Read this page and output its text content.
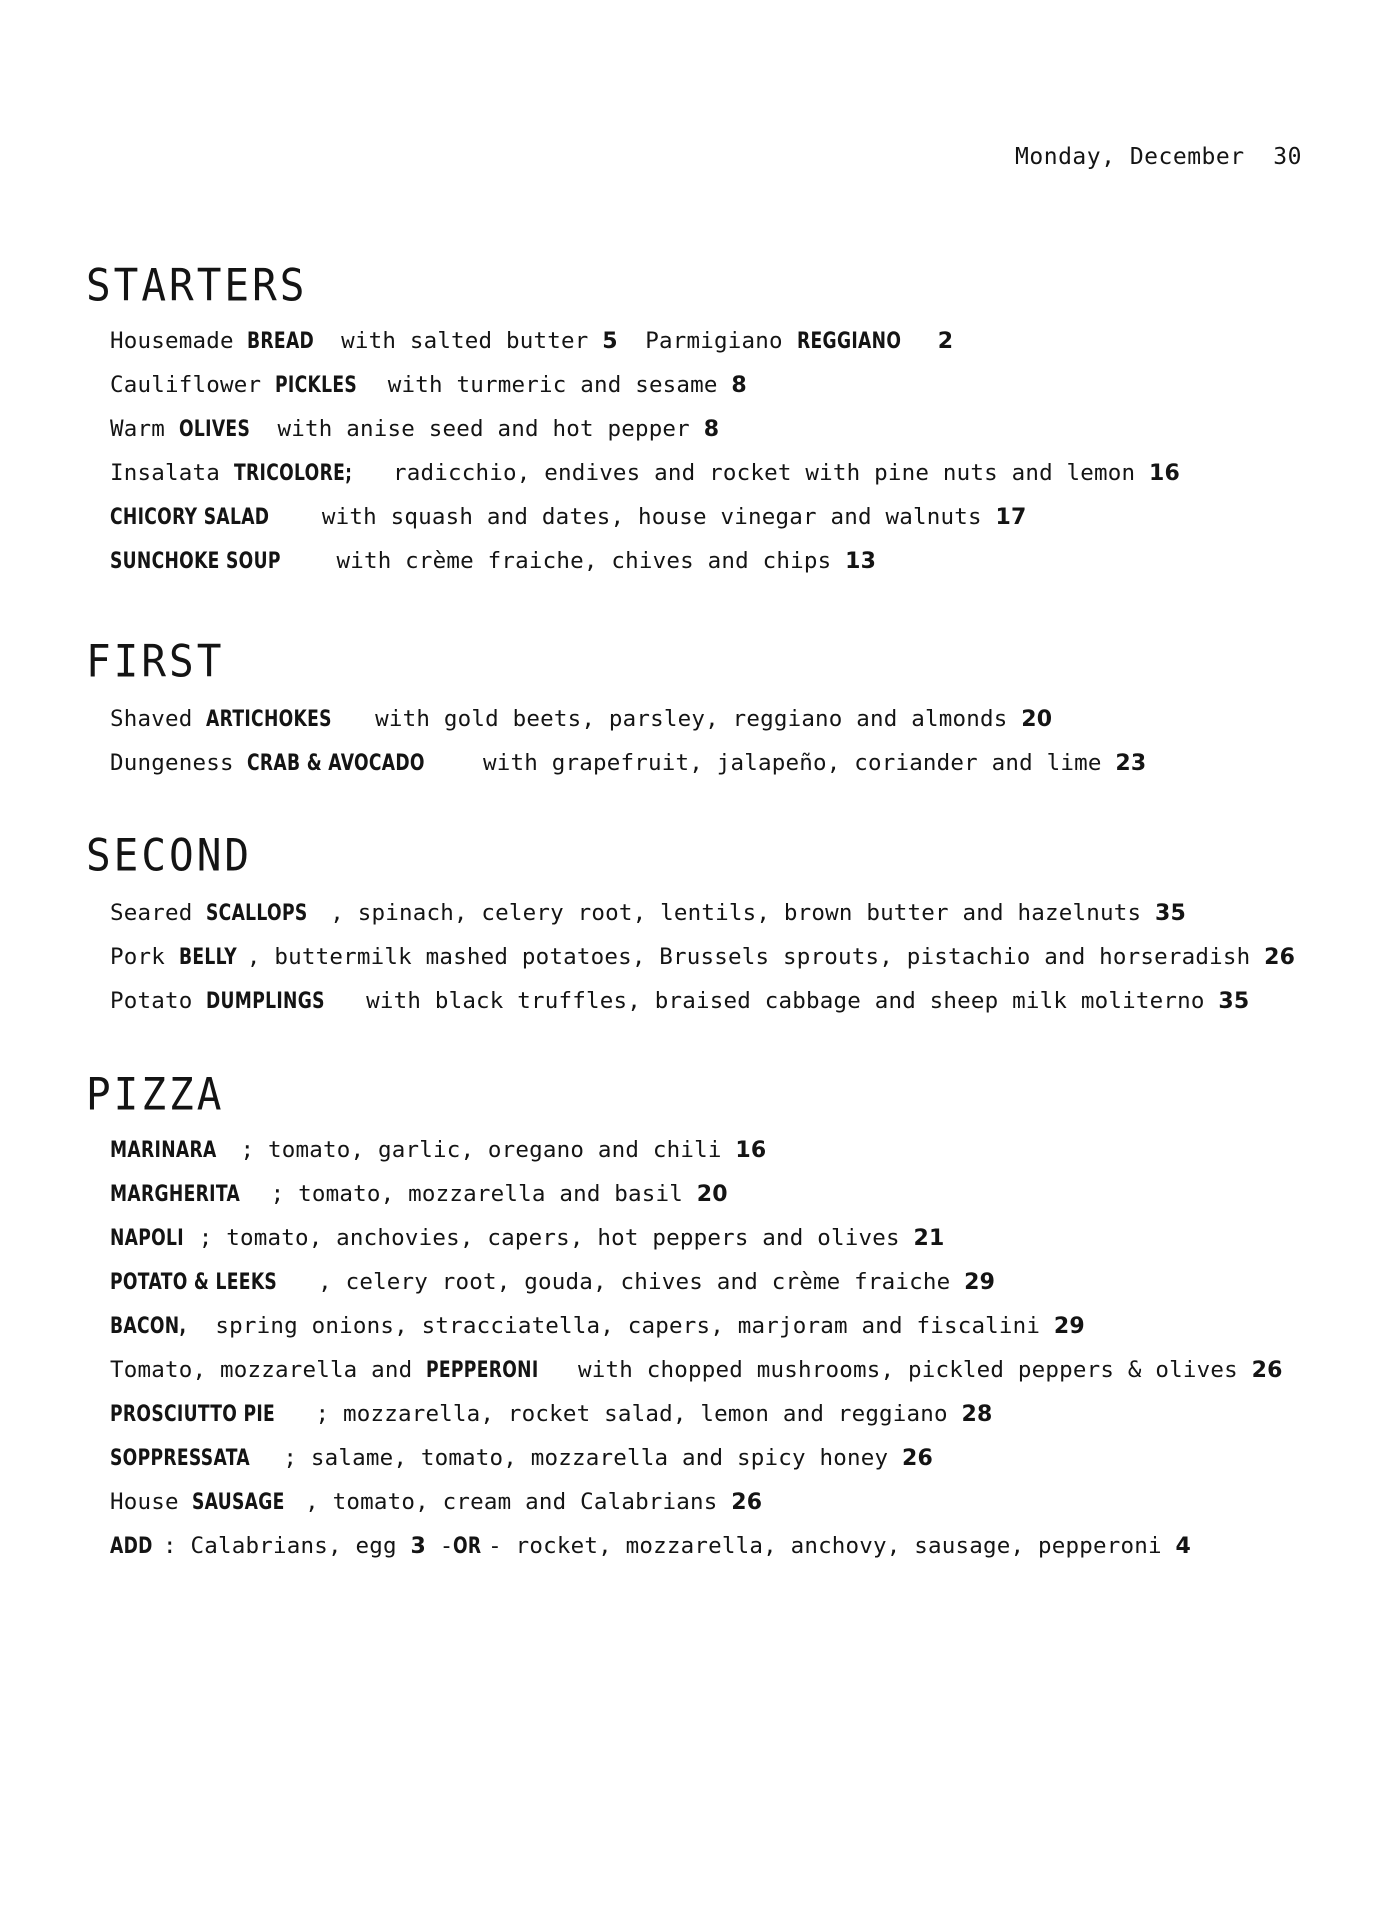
Monday, December  30
STARTERS
Housemade BREAD with salted butter 5  Parmigiano REGGIANO 2
Cauliflower PICKLES with turmeric and sesame 8
Warm OLIVES with anise seed and hot pepper 8
Insalata TRICOLORE; radicchio, endives and rocket with pine nuts and lemon 16
CHICORY SALAD with squash and dates, house vinegar and walnuts 17
SUNCHOKE SOUP with crème fraiche, chives and chips 13
FIRST
Shaved ARTICHOKES with gold beets, parsley, reggiano and almonds 20
Dungeness CRAB & AVOCADO with grapefruit, jalapeño, coriander and lime 23
SECOND
Seared SCALLOPS , spinach, celery root, lentils, brown butter and hazelnuts 35
Pork BELLY , buttermilk mashed potatoes, Brussels sprouts, pistachio and horseradish 26
Potato DUMPLINGS with black truffles, braised cabbage and sheep milk moliterno 35
PIZZA
MARINARA ; tomato, garlic, oregano and chili 16
MARGHERITA ; tomato, mozzarella and basil 20
NAPOLI ; tomato, anchovies, capers, hot peppers and olives 21
POTATO & LEEKS , celery root, gouda, chives and crème fraiche 29
BACON, spring onions, stracciatella, capers, marjoram and fiscalini 29
Tomato, mozzarella and PEPPERONI with chopped mushrooms, pickled peppers & olives 26
PROSCIUTTO PIE ; mozzarella, rocket salad, lemon and reggiano 28
SOPPRESSATA ; salame, tomato, mozzarella and spicy honey 26
House SAUSAGE , tomato, cream and Calabrians 26
ADD : Calabrians, egg 3 -OR - rocket, mozzarella, anchovy, sausage, pepperoni 4
